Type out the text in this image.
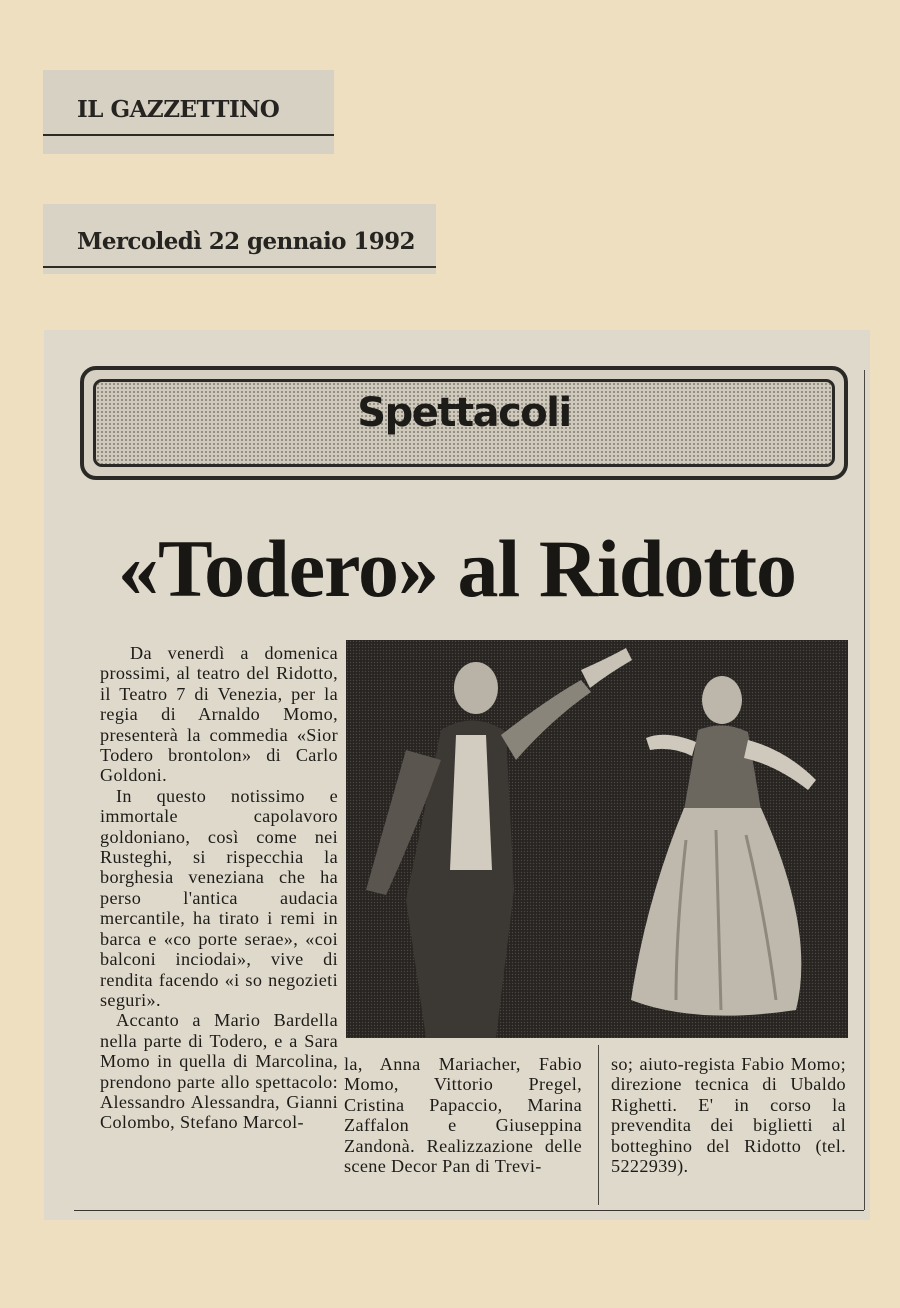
IL GAZZETTINO
Mercoledì 22 gennaio 1992
Spettacoli
«Todero» al Ridotto

Da venerdì a domenica prossimi, al teatro del Ridotto, il Teatro 7 di Venezia, per la regia di Arnaldo Momo, presenterà la commedia «Sior Todero brontolon» di Carlo Goldoni.

In questo notissimo e immortale capolavoro goldoniano, così come nei Rusteghi, si rispecchia la borghesia veneziana che ha perso l'antica audacia mercantile, ha tirato i remi in barca e «co porte serae», «coi balconi inciodai», vive di rendita facendo «i so negozieti seguri».

Accanto a Mario Bardella nella parte di Todero, e a Sara Momo in quella di Marcolina, prendono parte allo spettacolo: Alessandro Alessandra, Gianni Colombo, Stefano Marcol-

la, Anna Mariacher, Fabio Momo, Vittorio Pregel, Cristina Papaccio, Marina Zaffalon e Giuseppina Zandonà. Realizzazione delle scene Decor Pan di Trevi-
so; aiuto-regista Fabio Momo; direzione tecnica di Ubaldo Righetti. E' in corso la prevendita dei biglietti al botteghino del Ridotto (tel. 5222939).
